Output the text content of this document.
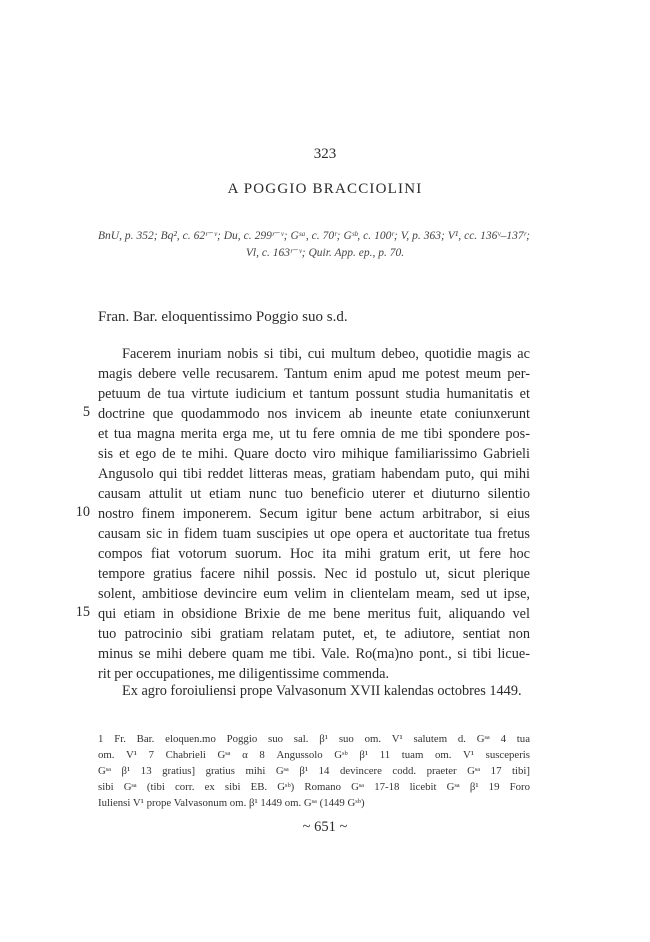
323
A POGGIO BRACCIOLINI
BnU, p. 352; Bq², c. 62ʳ⁻ᵛ; Du, c. 299ʳ⁻ᵛ; Gˢᵃ, c. 70ʳ; Gˢᵇ, c. 100ʳ; V, p. 363; V¹, cc. 136ᵛ–137ʳ;
Vl, c. 163ʳ⁻ᵛ; Quir. App. ep., p. 70.
Fran. Bar. eloquentissimo Poggio suo s.d.
Facerem inuriam nobis si tibi, cui multum debeo, quotidie magis ac
magis debere velle recusarem. Tantum enim apud me potest meum per-
petuum de tua virtute iudicium et tantum possunt studia humanitatis et
doctrine que quodammodo nos invicem ab ineunte etate coniunxerunt
et tua magna merita erga me, ut tu fere omnia de me tibi spondere pos-
sis et ego de te mihi. Quare docto viro mihique familiarissimo Gabrieli
Angusolo qui tibi reddet litteras meas, gratiam habendam puto, qui mihi
causam attulit ut etiam nunc tuo beneficio uterer et diuturno silentio
nostro finem imponerem. Secum igitur bene actum arbitrabor, si eius
causam sic in fidem tuam suscipies ut ope opera et auctoritate tua fretus
compos fiat votorum suorum. Hoc ita mihi gratum erit, ut fere hoc
tempore gratius facere nihil possis. Nec id postulo ut, sicut plerique
solent, ambitiose devincire eum velim in clientelam meam, sed ut ipse,
qui etiam in obsidione Brixie de me bene meritus fuit, aliquando vel
tuo patrocinio sibi gratiam relatam putet, et, te adiutore, sentiat non
minus se mihi debere quam me tibi. Vale. Ro(ma)no pont., si tibi licue-
rit per occupationes, me diligentissime commenda.
5
10
15
Ex agro foroiuliensi prope Valvasonum XVII kalendas octobres 1449.
1 Fr. Bar. eloquen.mo Poggio suo sal. β¹ suo om. V¹ salutem d. Gˢᵃ 4 tua
om. V¹ 7 Chabrieli Gˢᵃ α 8 Angussolo Gˢᵇ β¹ 11 tuam om. V¹ susceperis
Gˢᵃ β¹ 13 gratius] gratius mihi Gˢᵃ β¹ 14 devincere codd. praeter Gˢᵃ 17 tibi]
sibi Gˢᵃ (tibi corr. ex sibi EB. Gˢᵇ) Romano Gˢᵃ 17-18 licebit Gˢᵃ β¹ 19 Foro
Iuliensi V¹ prope Valvasonum om. β¹ 1449 om. Gˢᵃ (1449 Gˢᵇ)
~ 651 ~
